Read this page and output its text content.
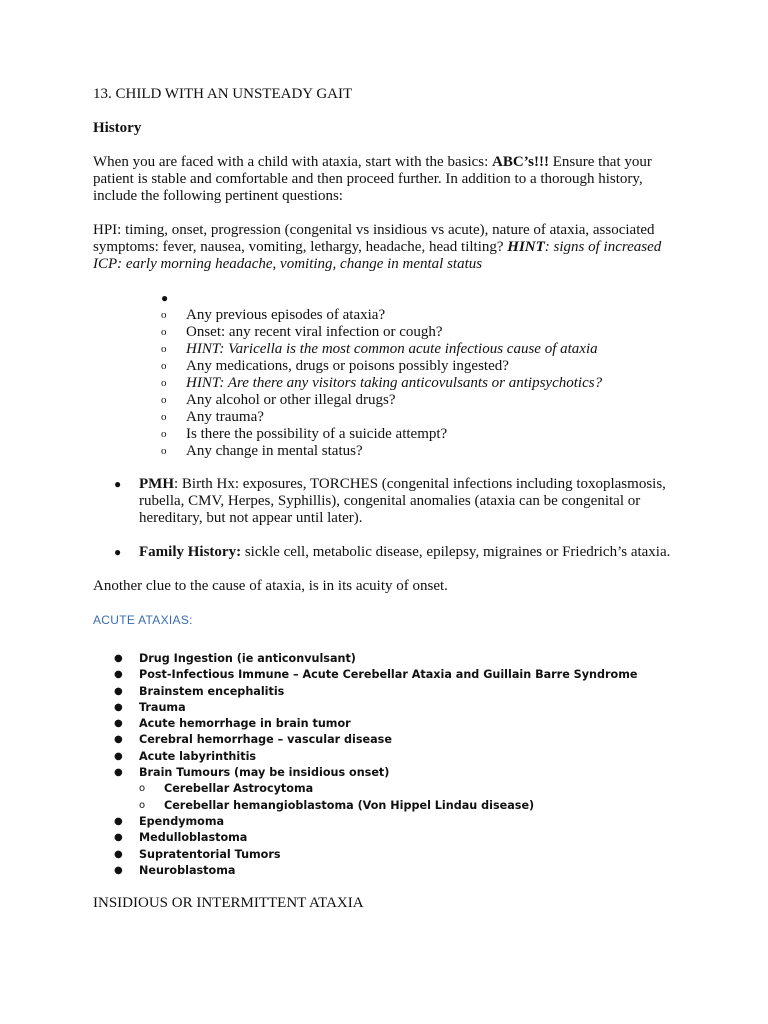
13. CHILD WITH AN UNSTEADY GAIT
History

When you are faced with a child with ataxia, start with the basics: ABC’s!!! Ensure that your patient is stable and comfortable and then proceed further. In addition to a thorough history, include the following pertinent questions:

HPI: timing, onset, progression (congenital vs insidious vs acute), nature of ataxia, associated symptoms: fever, nausea, vomiting, lethargy, headache, head tilting? HINT: signs of increased ICP: early morning headache, vomiting, change in mental status

●
o Any previous episodes of ataxia?
o Onset: any recent viral infection or cough?
o HINT: Varicella is the most common acute infectious cause of ataxia
o Any medications, drugs or poisons possibly ingested?
o HINT: Are there any visitors taking anticovulsants or antipsychotics?
o Any alcohol or other illegal drugs?
o Any trauma?
o Is there the possibility of a suicide attempt?
o Any change in mental status?
● PMH: Birth Hx: exposures, TORCHES (congenital infections including toxoplasmosis, rubella, CMV, Herpes, Syphillis), congenital anomalies (ataxia can be congenital or hereditary, but not appear until later).
● Family History: sickle cell, metabolic disease, epilepsy, migraines or Friedrich’s ataxia.

Another clue to the cause of ataxia, is in its acuity of onset.

ACUTE ATAXIAS:
● Drug Ingestion (ie anticonvulsant)
● Post-Infectious Immune – Acute Cerebellar Ataxia and Guillain Barre Syndrome
● Brainstem encephalitis
● Trauma
● Acute hemorrhage in brain tumor
● Cerebral hemorrhage – vascular disease
● Acute labyrinthitis
● Brain Tumours (may be insidious onset)
o Cerebellar Astrocytoma
o Cerebellar hemangioblastoma (Von Hippel Lindau disease)
● Ependymoma
● Medulloblastoma
● Supratentorial Tumors
● Neuroblastoma
INSIDIOUS OR INTERMITTENT ATAXIA
